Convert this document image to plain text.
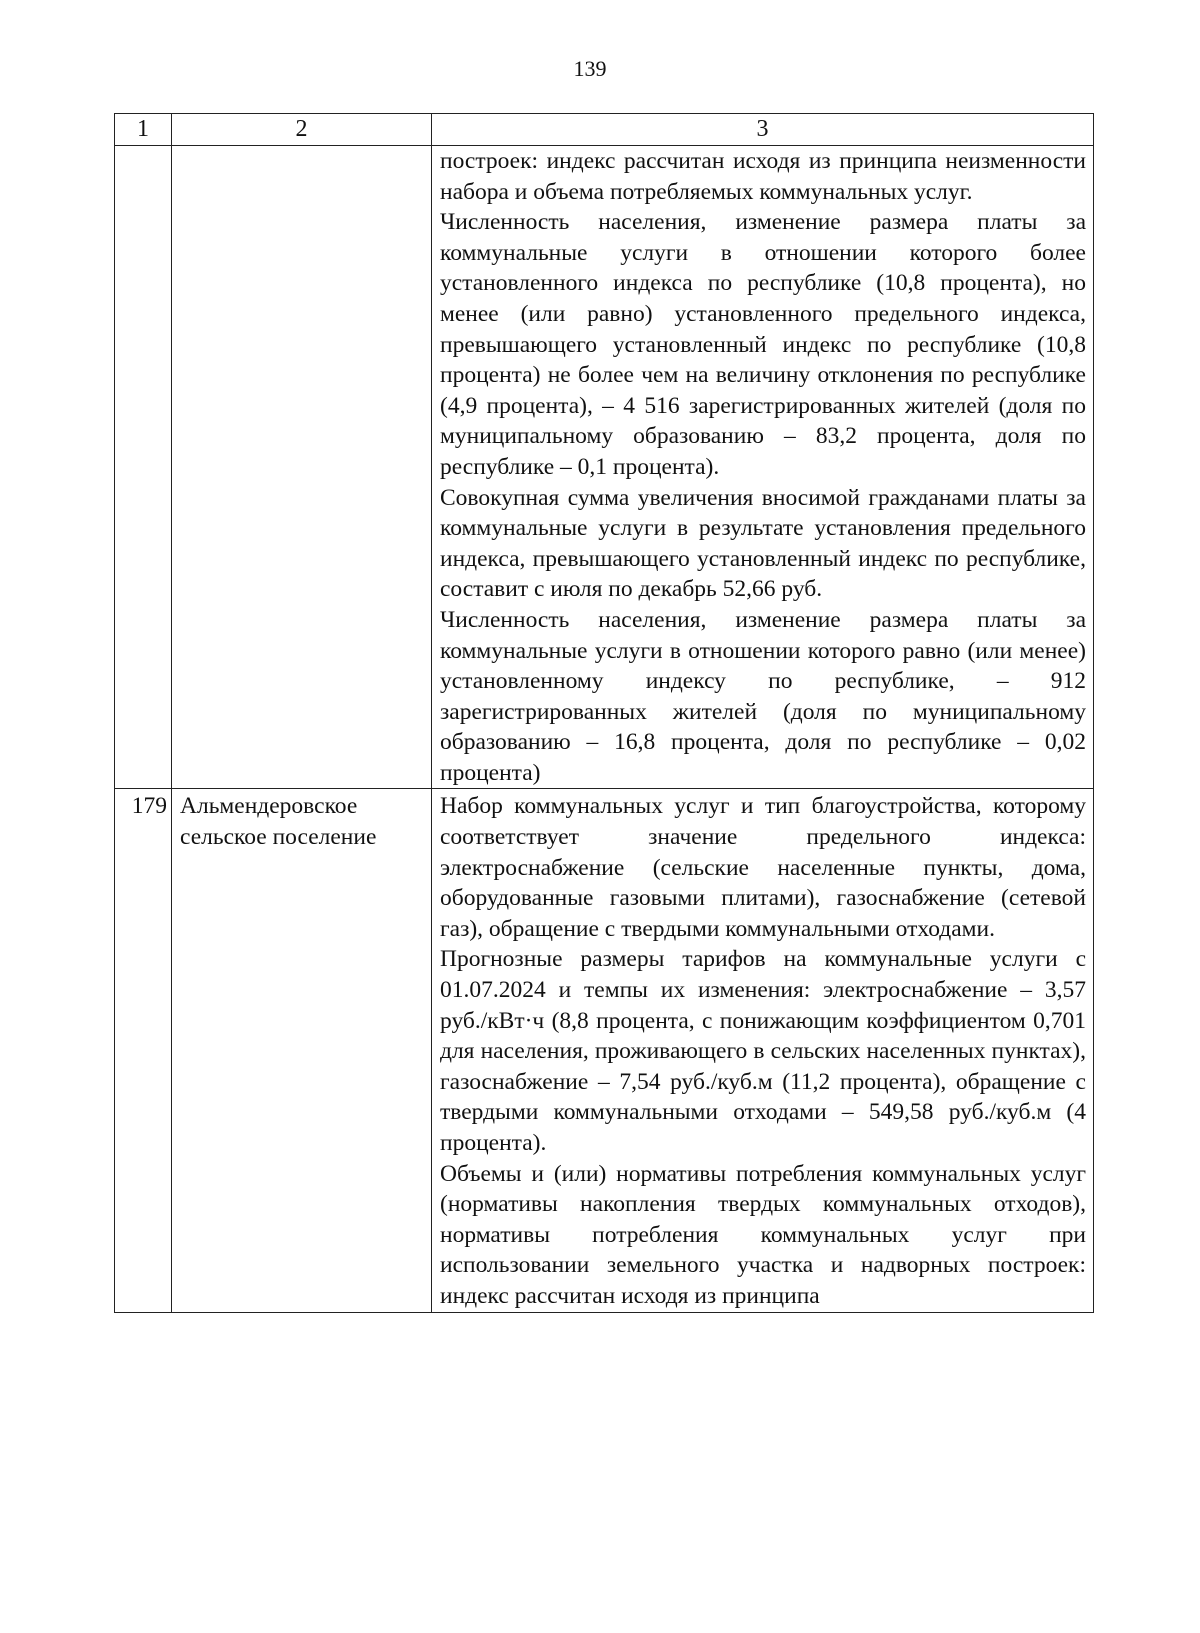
139
1	2	3

		построек: индекс рассчитан исходя из принципа неизменности набора и объема потребляемых коммунальных услуг.

Численность населения, изменение размера платы за коммунальные услуги в отношении которого более установленного индекса по республике (10,8 процента), но менее (или равно) установленного предельного индекса, превышающего установленный индекс по республике (10,8 процента) не более чем на величину отклонения по республике (4,9 процента), – 4 516 зарегистрированных жителей (доля по муниципальному образованию – 83,2 процента, доля по республике – 0,1 процента).

Совокупная сумма увеличения вносимой гражданами платы за коммунальные услуги в результате установления предельного индекса, превышающего установленный индекс по республике, составит с июля по декабрь 52,66 руб.

Численность населения, изменение размера платы за коммунальные услуги в отношении которого равно (или менее) установленному индексу по республике, – 912 зарегистрированных жителей (доля по муниципальному образованию – 16,8 процента, доля по республике – 0,02 процента)

179	Альмендеровское сельское поселение	Набор коммунальных услуг и тип благоустройства, которому соответствует значение предельного индекса: электроснабжение (сельские населенные пункты, дома, оборудованные газовыми плитами), газоснабжение (сетевой газ), обращение с твердыми коммунальными отходами.

Прогнозные размеры тарифов на коммунальные услуги с 01.07.2024 и темпы их изменения: электроснабжение – 3,57 руб./кВт·ч (8,8 процента, с понижающим коэффициентом 0,701 для населения, проживающего в сельских населенных пунктах), газоснабжение – 7,54 руб./куб.м (11,2 процента), обращение с твердыми коммунальными отходами – 549,58 руб./куб.м (4 процента).

Объемы и (или) нормативы потребления коммунальных услуг (нормативы накопления твердых коммунальных отходов), нормативы потребления коммунальных услуг при использовании земельного участка и надворных построек: индекс рассчитан исходя из принципа
